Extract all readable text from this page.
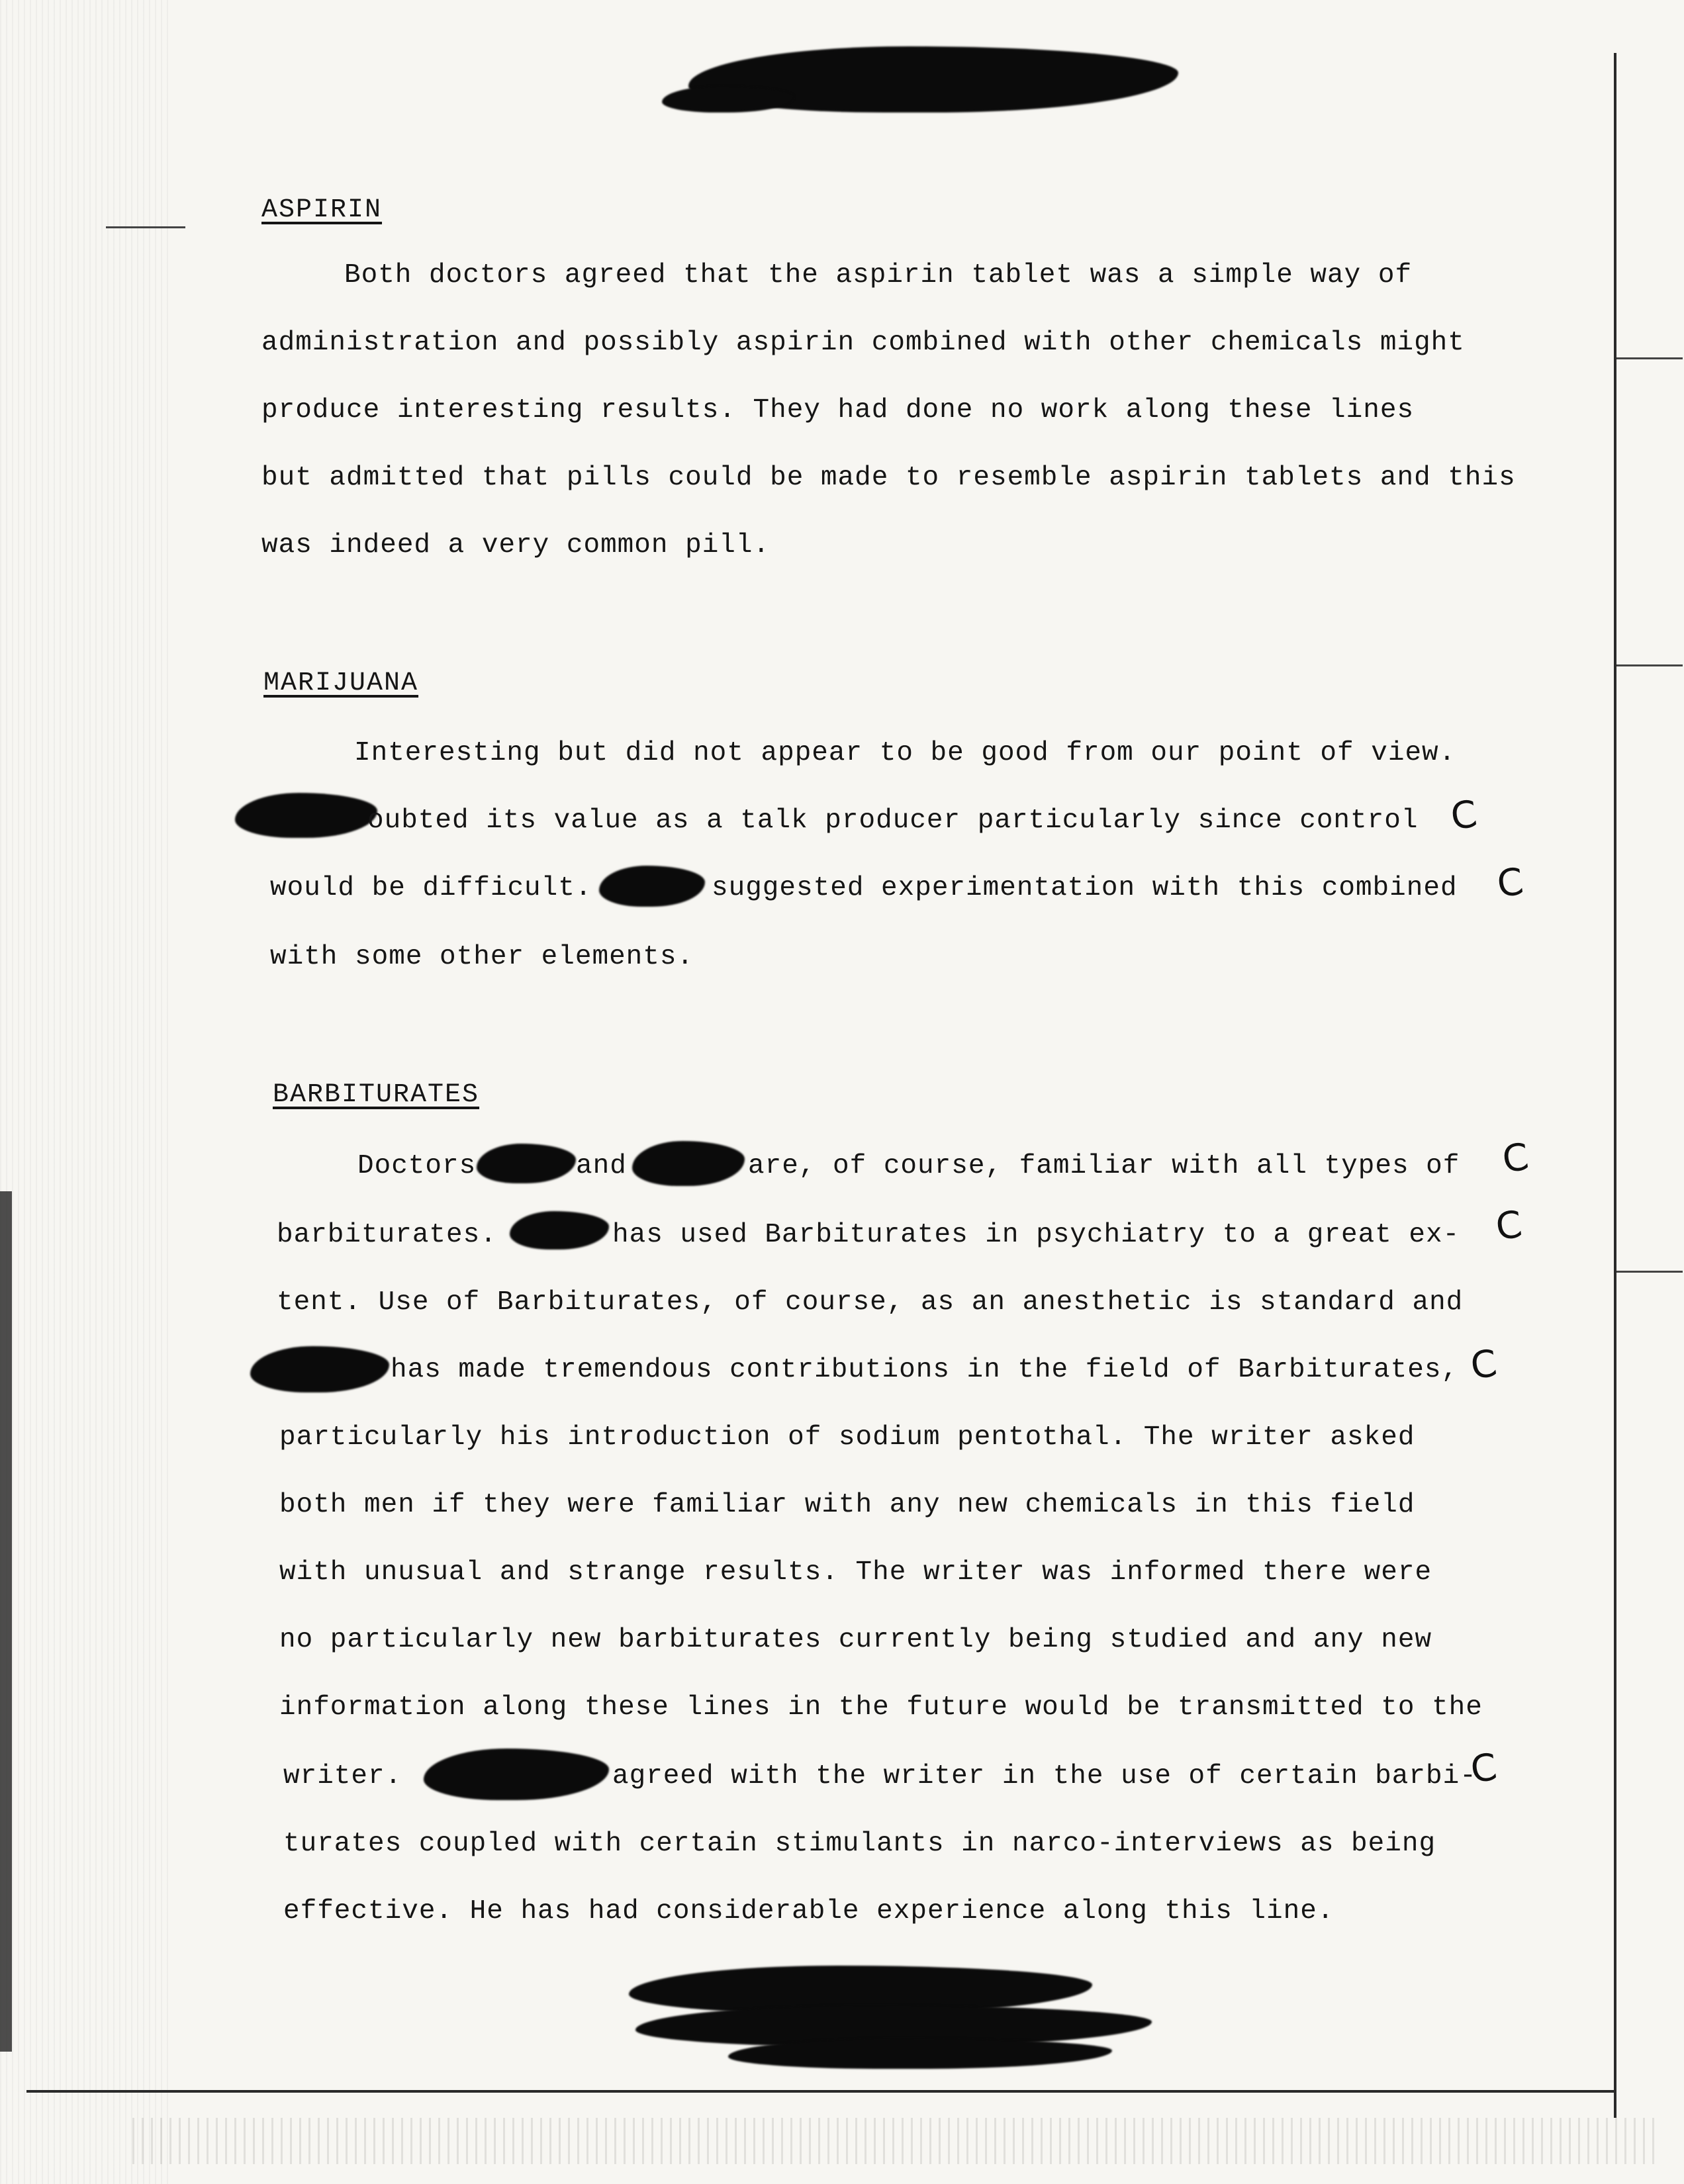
ASPIRIN
Both doctors agreed that the aspirin tablet was a simple way of
administration and possibly aspirin combined with other chemicals might
produce interesting results. They had done no work along these lines
but admitted that pills could be made to resemble aspirin tablets and this
was indeed a very common pill.
MARIJUANA
Interesting but did not appear to be good from our point of view.
oubted its value as a talk producer particularly since control
would be difficult.	suggested experimentation with this combined
with some other elements.
BARBITURATES
Doctors	and	are, of course, familiar with all types of
barbiturates.	has used Barbiturates in psychiatry to a great ex-
tent. Use of Barbiturates, of course, as an anesthetic is standard and
has made tremendous contributions in the field of Barbiturates,
particularly his introduction of sodium pentothal. The writer asked
both men if they were familiar with any new chemicals in this field
with unusual and strange results. The writer was informed there were
no particularly new barbiturates currently being studied and any new
information along these lines in the future would be transmitted to the
writer.	agreed with the writer in the use of certain barbi-
turates coupled with certain stimulants in narco-interviews as being
effective. He has had considerable experience along this line.
C
C
C
C
C
C
